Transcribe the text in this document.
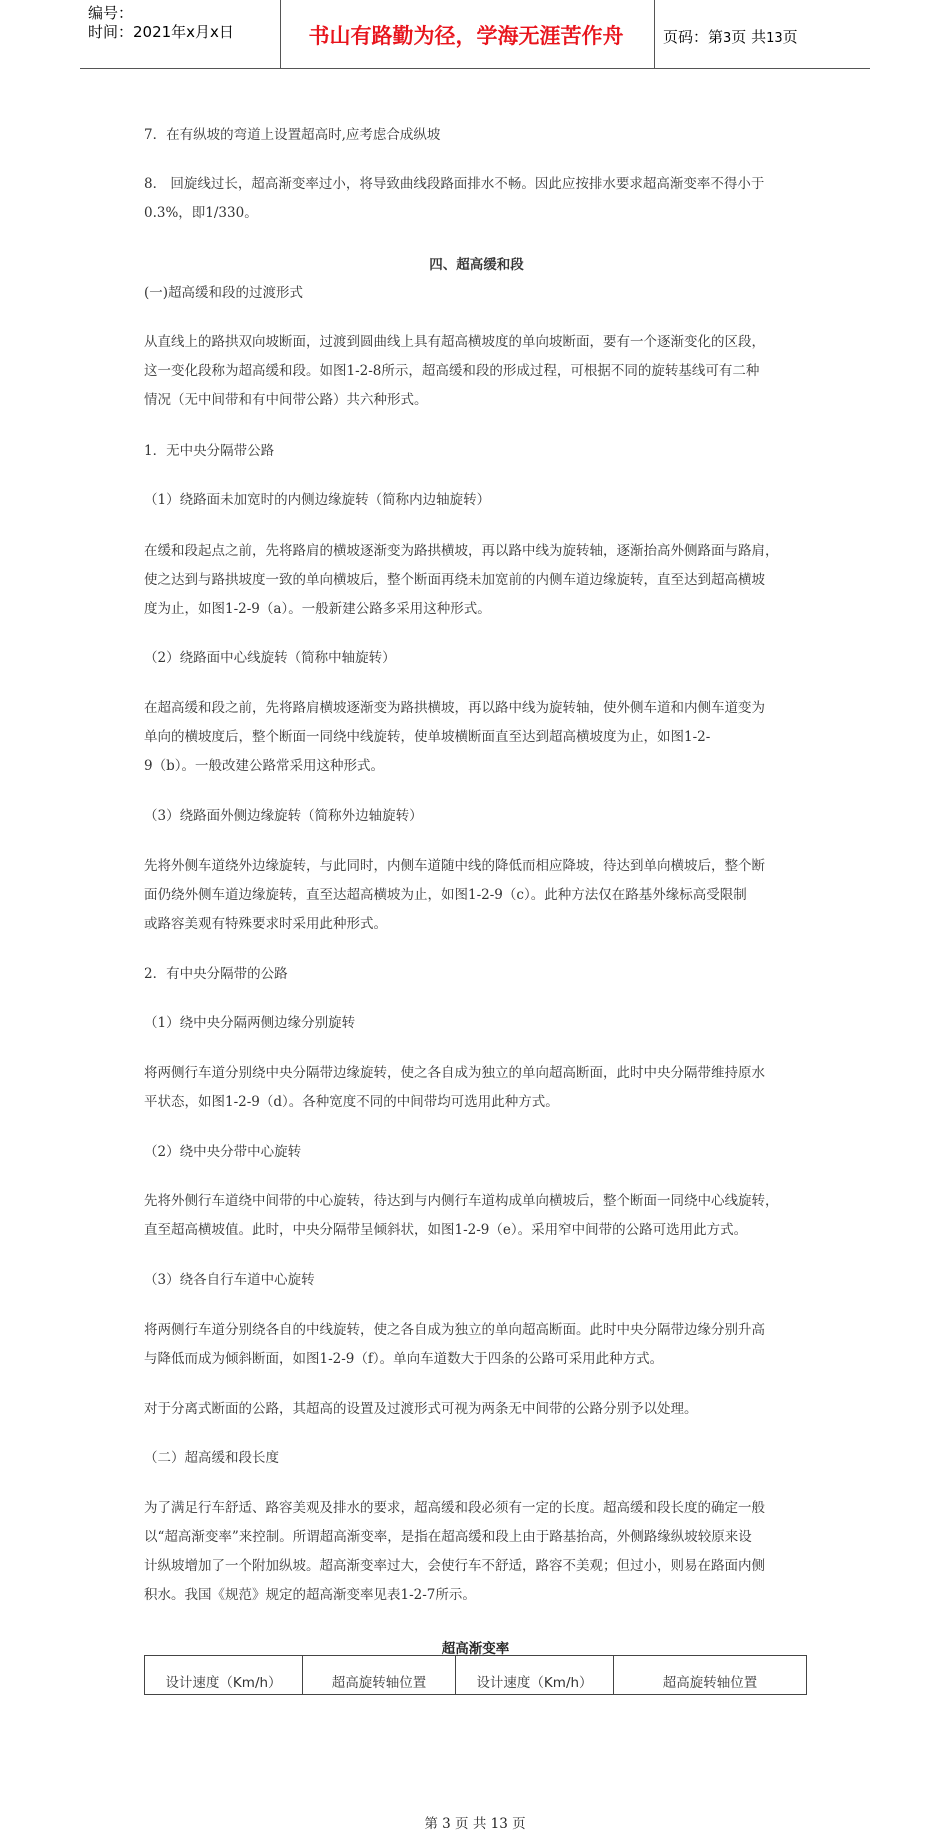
编号：
时间：2021年x月x日	书山有路勤为径，学海无涯苦作舟	页码：第3页 共13页
7．在有纵坡的弯道上设置超高时,应考虑合成纵坡
8． 回旋线过长，超高渐变率过小，将导致曲线段路面排水不畅。因此应按排水要求超高渐变率不得小于
0.3%，即1/330。
四、超高缓和段
(一)超高缓和段的过渡形式
从直线上的路拱双向坡断面，过渡到圆曲线上具有超高横坡度的单向坡断面，要有一个逐渐变化的区段，
这一变化段称为超高缓和段。如图1-2-8所示，超高缓和段的形成过程，可根据不同的旋转基线可有二种
情况（无中间带和有中间带公路）共六种形式。
1．无中央分隔带公路
（1）绕路面未加宽时的内侧边缘旋转（简称内边轴旋转）
在缓和段起点之前，先将路肩的横坡逐渐变为路拱横坡，再以路中线为旋转轴，逐渐抬高外侧路面与路肩，
使之达到与路拱坡度一致的单向横坡后，整个断面再绕未加宽前的内侧车道边缘旋转，直至达到超高横坡
度为止，如图1-2-9（a）。一般新建公路多采用这种形式。
（2）绕路面中心线旋转（简称中轴旋转）
在超高缓和段之前，先将路肩横坡逐渐变为路拱横坡，再以路中线为旋转轴，使外侧车道和内侧车道变为
单向的横坡度后，整个断面一同绕中线旋转，使单坡横断面直至达到超高横坡度为止，如图1-2-
9（b）。一般改建公路常采用这种形式。
（3）绕路面外侧边缘旋转（简称外边轴旋转）
先将外侧车道绕外边缘旋转，与此同时，内侧车道随中线的降低而相应降坡，待达到单向横坡后，整个断
面仍绕外侧车道边缘旋转，直至达超高横坡为止，如图1-2-9（c）。此种方法仅在路基外缘标高受限制
或路容美观有特殊要求时采用此种形式。
2．有中央分隔带的公路
（1）绕中央分隔两侧边缘分别旋转
将两侧行车道分别绕中央分隔带边缘旋转，使之各自成为独立的单向超高断面，此时中央分隔带维持原水
平状态，如图1-2-9（d）。各种宽度不同的中间带均可选用此种方式。
（2）绕中央分带中心旋转
先将外侧行车道绕中间带的中心旋转，待达到与内侧行车道构成单向横坡后，整个断面一同绕中心线旋转，
直至超高横坡值。此时，中央分隔带呈倾斜状，如图1-2-9（e）。采用窄中间带的公路可选用此方式。
（3）绕各自行车道中心旋转
将两侧行车道分别绕各自的中线旋转，使之各自成为独立的单向超高断面。此时中央分隔带边缘分别升高
与降低而成为倾斜断面，如图1-2-9（f）。单向车道数大于四条的公路可采用此种方式。
对于分离式断面的公路，其超高的设置及过渡形式可视为两条无中间带的公路分别予以处理。
（二）超高缓和段长度
为了满足行车舒适、路容美观及排水的要求，超高缓和段必须有一定的长度。超高缓和段长度的确定一般
以“超高渐变率”来控制。所谓超高渐变率，是指在超高缓和段上由于路基抬高，外侧路缘纵坡较原来设
计纵坡增加了一个附加纵坡。超高渐变率过大，会使行车不舒适，路容不美观；但过小，则易在路面内侧
积水。我国《规范》规定的超高渐变率见表1-2-7所示。
超高渐变率
设计速度（Km/h）	超高旋转轴位置	设计速度（Km/h）	超高旋转轴位置
第 3 页 共 13 页
